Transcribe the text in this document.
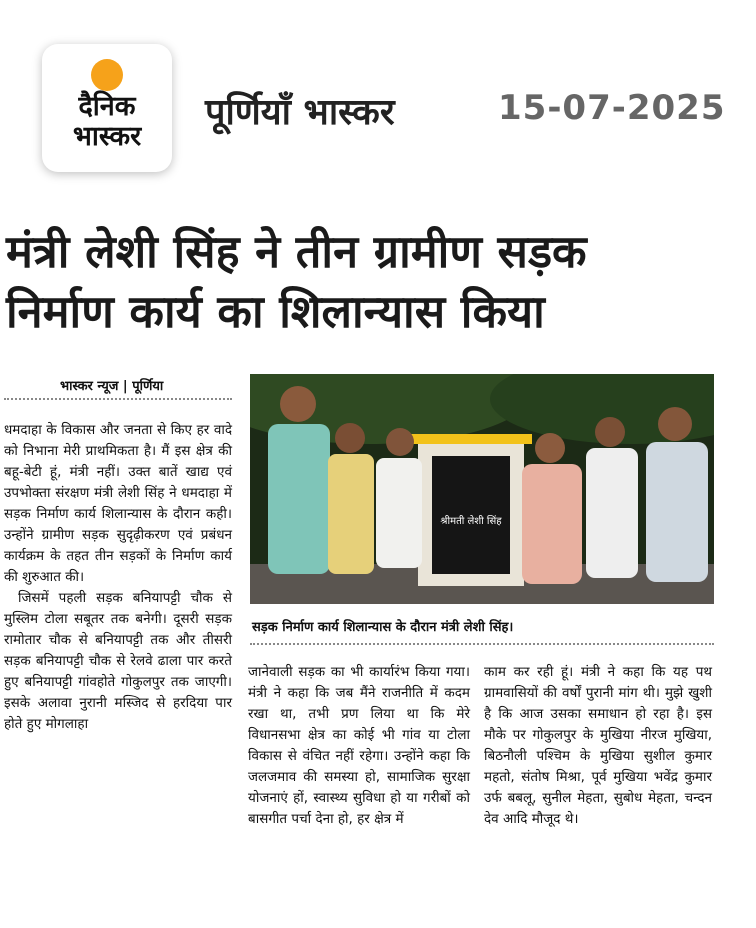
दैनिक
भास्कर
पूर्णियाँ भास्कर	15-07-2025
मंत्री लेशी सिंह ने तीन ग्रामीण सड़क
निर्माण कार्य का शिलान्यास किया
भास्कर न्यूज | पूर्णिया

धमदाहा के विकास और जनता से किए हर वादे को निभाना मेरी प्राथमिकता है। मैं इस क्षेत्र की बहू-बेटी हूं, मंत्री नहीं। उक्त बातें खाद्य एवं उपभोक्ता संरक्षण मंत्री लेशी सिंह ने धमदाहा में सड़क निर्माण कार्य शिलान्यास के दौरान कही। उन्होंने ग्रामीण सड़क सुदृढ़ीकरण एवं प्रबंधन कार्यक्रम के तहत तीन सड़कों के निर्माण कार्य की शुरुआत की।

जिसमें पहली सड़क बनियापट्टी चौक से मुस्लिम टोला सबूतर तक बनेगी। दूसरी सड़क रामोतार चौक से बनियापट्टी तक और तीसरी सड़क बनियापट्टी चौक से रेलवे ढाला पार करते हुए बनियापट्टी गांवहोते गोकुलपुर तक जाएगी। इसके अलावा नुरानी मस्जिद से हरदिया पार होते हुए मोगलाहा

श्रीमती लेशी सिंह
सड़क निर्माण कार्य शिलान्यास के दौरान मंत्री लेशी सिंह।

जानेवाली सड़क का भी कार्यारंभ किया गया। मंत्री ने कहा कि जब मैंने राजनीति में कदम रखा था, तभी प्रण लिया था कि मेरे विधानसभा क्षेत्र का कोई भी गांव या टोला विकास से वंचित नहीं रहेगा। उन्होंने कहा कि जलजमाव की समस्या हो, सामाजिक सुरक्षा योजनाएं हों, स्वास्थ्य सुविधा हो या गरीबों को बासगीत पर्चा देना हो, हर क्षेत्र में

काम कर रही हूं। मंत्री ने कहा कि यह पथ ग्रामवासियों की वर्षों पुरानी मांग थी। मुझे खुशी है कि आज उसका समाधान हो रहा है। इस मौके पर गोकुलपुर के मुखिया नीरज मुखिया, बिठनौली पश्चिम के मुखिया सुशील कुमार महतो, संतोष मिश्रा, पूर्व मुखिया भवेंद्र कुमार उर्फ बबलू, सुनील मेहता, सुबोध मेहता, चन्दन देव आदि मौजूद थे।
